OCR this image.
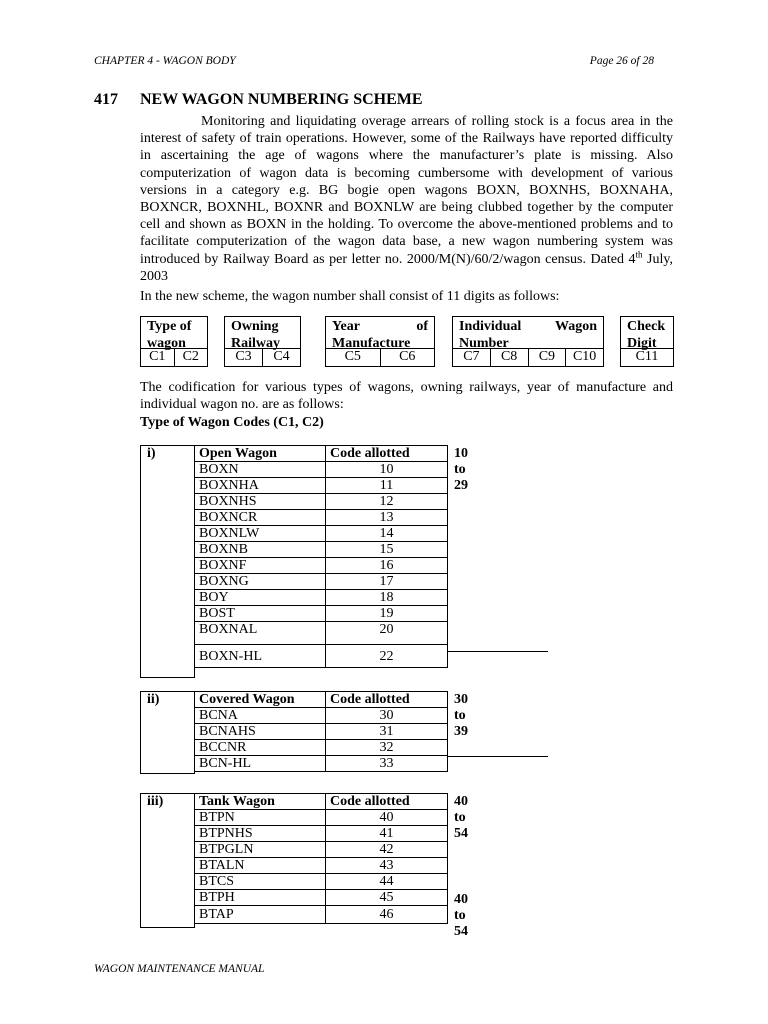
CHAPTER 4 - WAGON BODY	Page 26 of 28
417 NEW WAGON NUMBERING SCHEME

Monitoring and liquidating overage arrears of rolling stock is a focus area in the interest of safety of train operations. However, some of the Railways have reported difficulty in ascertaining the age of wagons where the manufacturer’s plate is missing. Also computerization of wagon data is becoming cumbersome with development of various versions in a category e.g. BG bogie open wagons BOXN, BOXNHS, BOXNAHA, BOXNCR, BOXNHL, BOXNR and BOXNLW are being clubbed together by the computer cell and shown as BOXN in the holding. To overcome the above-mentioned problems and to facilitate computerization of the wagon data base, a new wagon numbering system was introduced by Railway Board as per letter no. 2000/M(N)/60/2/wagon census. Dated 4th July, 2003

In the new scheme, the wagon number shall consist of 11 digits as follows:

Type of
wagon
C1	C2
Owning
Railway
C3	C4
Year	of
Manufacture
C5	C6
Individual Wagon
Number
C7	C8	C9	C10
Check
Digit
C11

The codification for various types of wagons, owning railways, year of manufacture and individual wagon no. are as follows:

Type of Wagon Codes (C1, C2)
i)	Open Wagon	Code allotted
BOXN	10
BOXNHA	11
BOXNHS	12
BOXNCR	13
BOXNLW	14
BOXNB	15
BOXNF	16
BOXNG	17
BOY	18
BOST	19
BOXNAL	20
BOXN-HL	22
10 to 29
ii)	Covered Wagon	Code allotted
BCNA	30
BCNAHS	31
BCCNR	32
BCN-HL	33
30 to 39
iii)	Tank Wagon	Code allotted
BTPN	40
BTPNHS	41
BTPGLN	42
BTALN	43
BTCS	44
BTPH	45
BTAP	46
40 to 54
40 to 54
WAGON MAINTENANCE MANUAL
